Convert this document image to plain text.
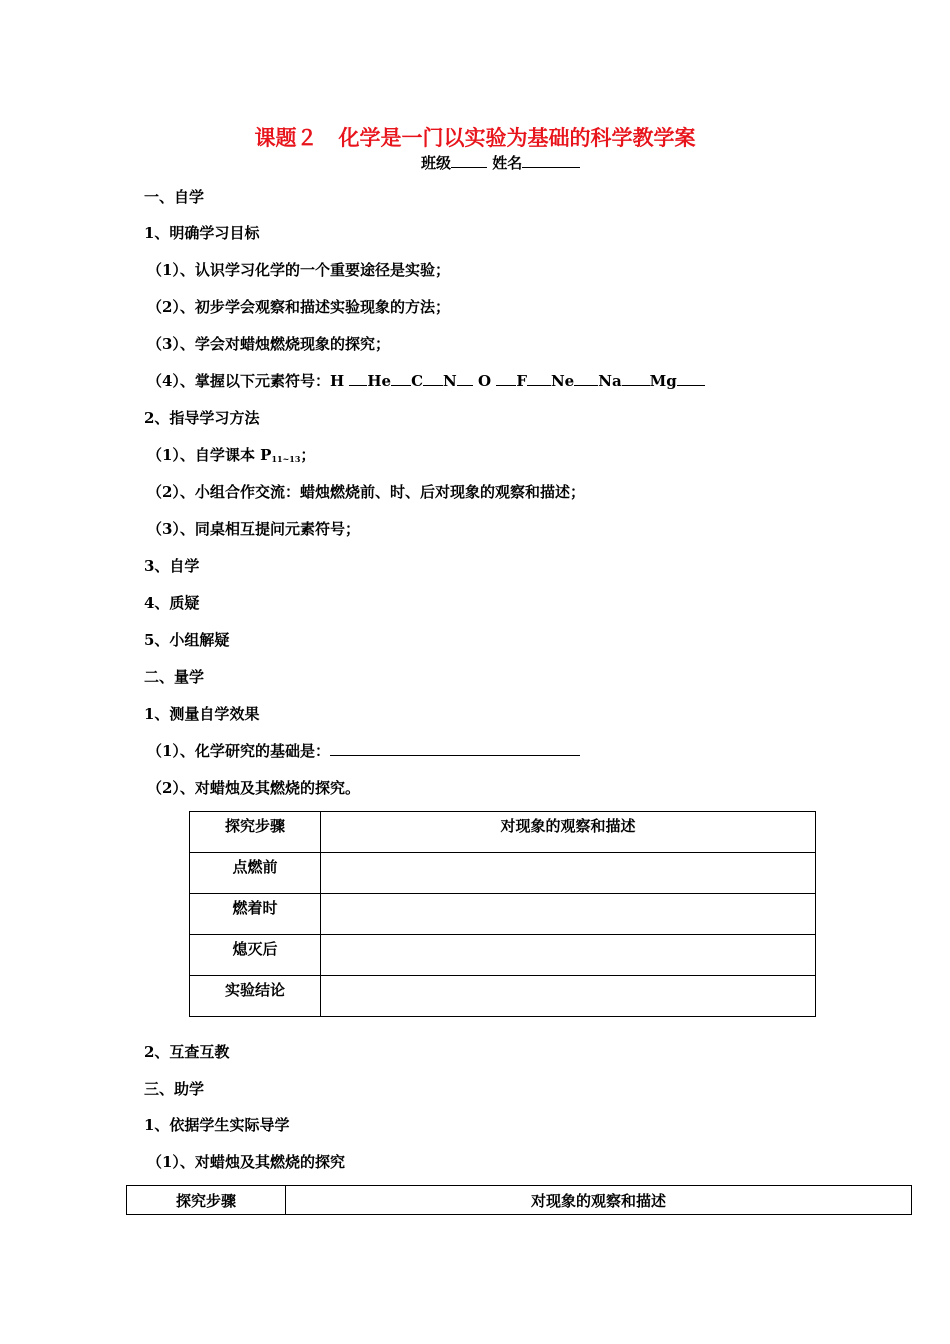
课题２　化学是一门以实验为基础的科学教学案
班级	姓名
一、自学
1、明确学习目标
（1）、认识学习化学的一个重要途径是实验；
（2）、初步学会观察和描述实验现象的方法；
（3）、学会对蜡烛燃烧现象的探究；
（4）、掌握以下元素符号：H He C N O F Ne Na Mg
2、指导学习方法
（1）、自学课本 $P_{11\sim 13}$；
（2）、小组合作交流：蜡烛燃烧前、时、后对现象的观察和描述；
（3）、同桌相互提问元素符号；
3、自学
4、质疑
5、小组解疑
二、量学
1、测量自学效果
（1）、化学研究的基础是：
（2）、对蜡烛及其燃烧的探究。
探究步骤	对现象的观察和描述
点燃前	
燃着时	
熄灭后	
实验结论	
2、互查互教
三、助学
1、依据学生实际导学
（1）、对蜡烛及其燃烧的探究
探究步骤	对现象的观察和描述
